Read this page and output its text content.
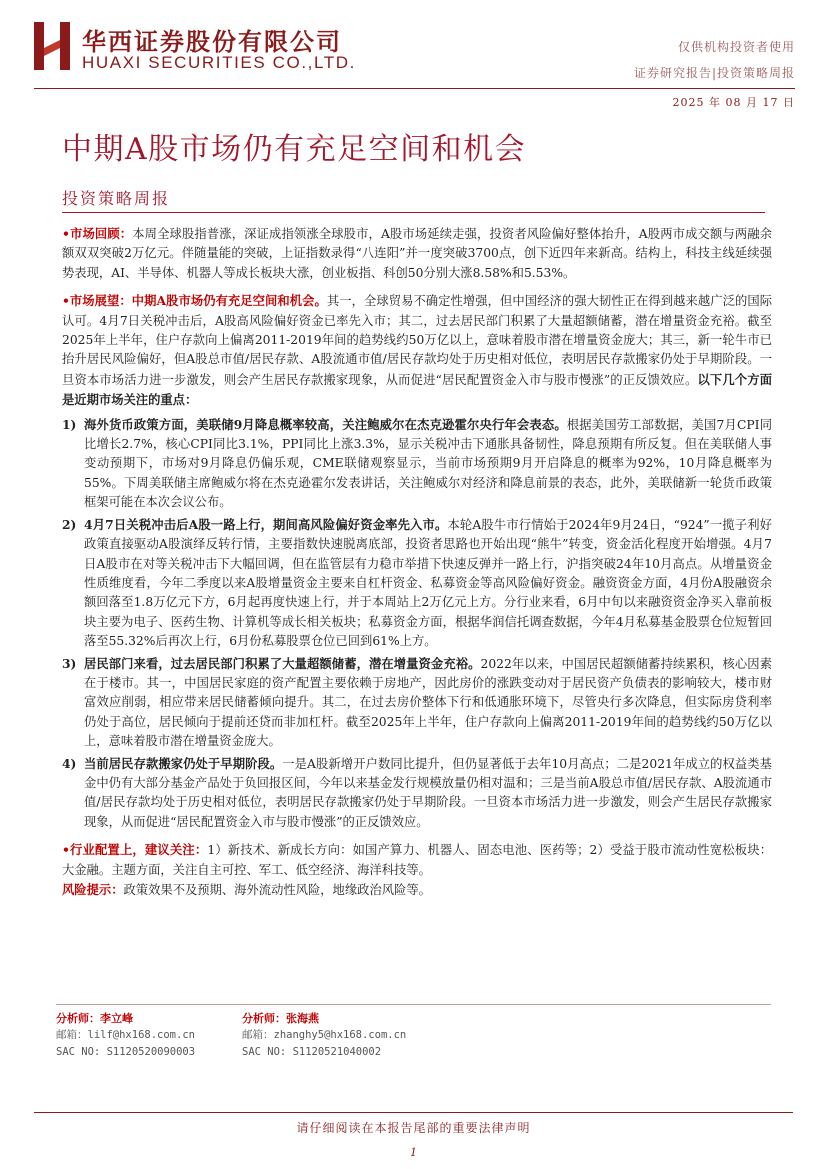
华西证券股份有限公司
HUAXI SECURITIES CO.,LTD.
仅供机构投资者使用
证券研究报告|投资策略周报
2025 年 08 月 17 日
中期A股市场仍有充足空间和机会
投资策略周报

•市场回顾：本周全球股指普涨，深证成指领涨全球股市，A股市场延续走强，投资者风险偏好整体抬升，A股两市成交额与两融余额双双突破2万亿元。伴随量能的突破，上证指数录得“八连阳”并一度突破3700点，创下近四年来新高。结构上，科技主线延续强势表现，AI、半导体、机器人等成长板块大涨，创业板指、科创50分别大涨8.58%和5.53%。

•市场展望：中期A股市场仍有充足空间和机会。其一，全球贸易不确定性增强，但中国经济的强大韧性正在得到越来越广泛的国际认可。4月7日关税冲击后，A股高风险偏好资金已率先入市；其二，过去居民部门积累了大量超额储蓄，潜在增量资金充裕。截至2025年上半年，住户存款向上偏离2011-2019年间的趋势线约50万亿以上，意味着股市潜在增量资金庞大；其三，新一轮牛市已抬升居民风险偏好，但A股总市值/居民存款、A股流通市值/居民存款均处于历史相对低位，表明居民存款搬家仍处于早期阶段。一旦资本市场活力进一步激发，则会产生居民存款搬家现象，从而促进“居民配置资金入市与股市慢涨”的正反馈效应。以下几个方面是近期市场关注的重点：

1) 海外货币政策方面，美联储9月降息概率较高，关注鲍威尔在杰克逊霍尔央行年会表态。根据美国劳工部数据，美国7月CPI同比增长2.7%，核心CPI同比3.1%，PPI同比上涨3.3%，显示关税冲击下通胀具备韧性，降息预期有所反复。但在美联储人事变动预期下，市场对9月降息仍偏乐观，CME联储观察显示，当前市场预期9月开启降息的概率为92%，10月降息概率为55%。下周美联储主席鲍威尔将在杰克逊霍尔发表讲话，关注鲍威尔对经济和降息前景的表态，此外，美联储新一轮货币政策框架可能在本次会议公布。
2) 4月7日关税冲击后A股一路上行，期间高风险偏好资金率先入市。本轮A股牛市行情始于2024年9月24日，“924”一揽子利好政策直接驱动A股演绎反转行情，主要指数快速脱离底部，投资者思路也开始出现“熊牛”转变，资金活化程度开始增强。4月7日A股市在对等关税冲击下大幅回调，但在监管层有力稳市举措下快速反弹并一路上行，沪指突破24年10月高点。从增量资金性质维度看，今年二季度以来A股增量资金主要来自杠杆资金、私募资金等高风险偏好资金。融资资金方面，4月份A股融资余额回落至1.8万亿元下方，6月起再度快速上行，并于本周站上2万亿元上方。分行业来看，6月中旬以来融资资金净买入靠前板块主要为电子、医药生物、计算机等成长相关板块；私募资金方面，根据华润信托调查数据，今年4月私募基金股票仓位短暂回落至55.32%后再次上行，6月份私募股票仓位已回到61%上方。
3) 居民部门来看，过去居民部门积累了大量超额储蓄，潜在增量资金充裕。2022年以来，中国居民超额储蓄持续累积，核心因素在于楼市。其一，中国居民家庭的资产配置主要依赖于房地产，因此房价的涨跌变动对于居民资产负债表的影响较大，楼市财富效应削弱，相应带来居民储蓄倾向提升。其二，在过去房价整体下行和低通胀环境下，尽管央行多次降息，但实际房贷利率仍处于高位，居民倾向于提前还贷而非加杠杆。截至2025年上半年，住户存款向上偏离2011-2019年间的趋势线约50万亿以上，意味着股市潜在增量资金庞大。
4) 当前居民存款搬家仍处于早期阶段。一是A股新增开户数同比提升，但仍显著低于去年10月高点；二是2021年成立的权益类基金中仍有大部分基金产品处于负回报区间，今年以来基金发行规模放量仍相对温和；三是当前A股总市值/居民存款、A股流通市值/居民存款均处于历史相对低位，表明居民存款搬家仍处于早期阶段。一旦资本市场活力进一步激发，则会产生居民存款搬家现象，从而促进“居民配置资金入市与股市慢涨”的正反馈效应。

•行业配置上，建议关注：1）新技术、新成长方向：如国产算力、机器人、固态电池、医药等；2）受益于股市流动性宽松板块：大金融。主题方面，关注自主可控、军工、低空经济、海洋科技等。

风险提示：政策效果不及预期、海外流动性风险，地缘政治风险等。

分析师：李立峰
邮箱：lilf@hx168.com.cn
SAC NO: S1120520090003
分析师：张海燕
邮箱：zhanghy5@hx168.com.cn
SAC NO: S1120521040002
请仔细阅读在本报告尾部的重要法律声明
1
